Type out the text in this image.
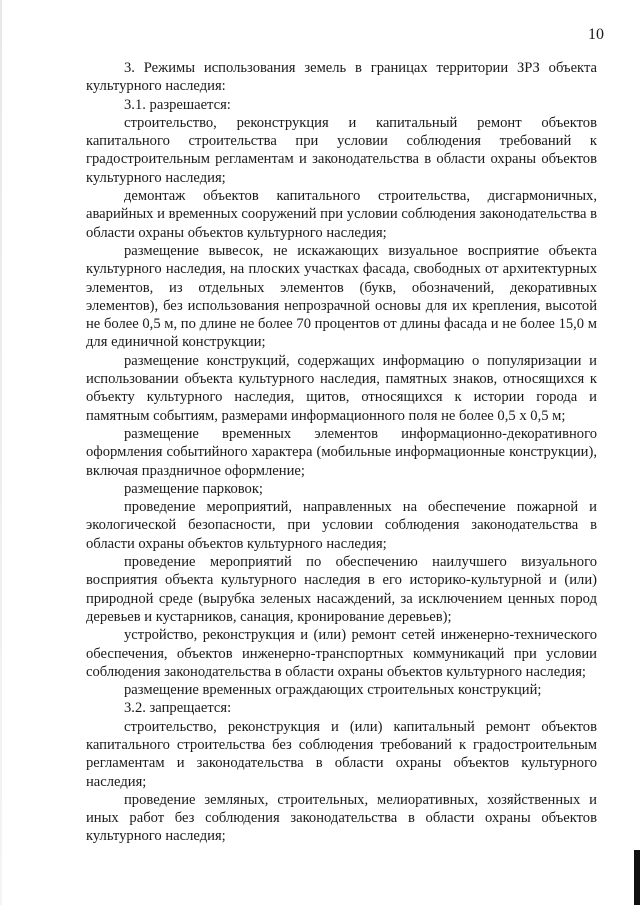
10

3. Режимы использования земель в границах территории ЗРЗ объекта культурного наследия:

3.1. разрешается:

строительство, реконструкция и капитальный ремонт объектов капитального строительства при условии соблюдения требований к градостроительным регламентам и законодательства в области охраны объектов культурного наследия;

демонтаж объектов капитального строительства, дисгармоничных, аварийных и временных сооружений при условии соблюдения законодательства в области охраны объектов культурного наследия;

размещение вывесок, не искажающих визуальное восприятие объекта культурного наследия, на плоских участках фасада, свободных от архитектурных элементов, из отдельных элементов (букв, обозначений, декоративных элементов), без использования непрозрачной основы для их крепления, высотой не более 0,5 м, по длине не более 70 процентов от длины фасада и не более 15,0 м для единичной конструкции;

размещение конструкций, содержащих информацию о популяризации и использовании объекта культурного наследия, памятных знаков, относящихся к объекту культурного наследия, щитов, относящихся к истории города и памятным событиям, размерами информационного поля не более 0,5 х 0,5 м;

размещение временных элементов информационно-декоративного оформления событийного характера (мобильные информационные конструкции), включая праздничное оформление;

размещение парковок;

проведение мероприятий, направленных на обеспечение пожарной и экологической безопасности, при условии соблюдения законодательства в области охраны объектов культурного наследия;

проведение мероприятий по обеспечению наилучшего визуального восприятия объекта культурного наследия в его историко-культурной и (или) природной среде (вырубка зеленых насаждений, за исключением ценных пород деревьев и кустарников, санация, кронирование деревьев);

устройство, реконструкция и (или) ремонт сетей инженерно-технического обеспечения, объектов инженерно-транспортных коммуникаций при условии соблюдения законодательства в области охраны объектов культурного наследия;

размещение временных ограждающих строительных конструкций;

3.2. запрещается:

строительство, реконструкция и (или) капитальный ремонт объектов капитального строительства без соблюдения требований к градостроительным регламентам и законодательства в области охраны объектов культурного наследия;

проведение земляных, строительных, мелиоративных, хозяйственных и иных работ без соблюдения законодательства в области охраны объектов культурного наследия;
